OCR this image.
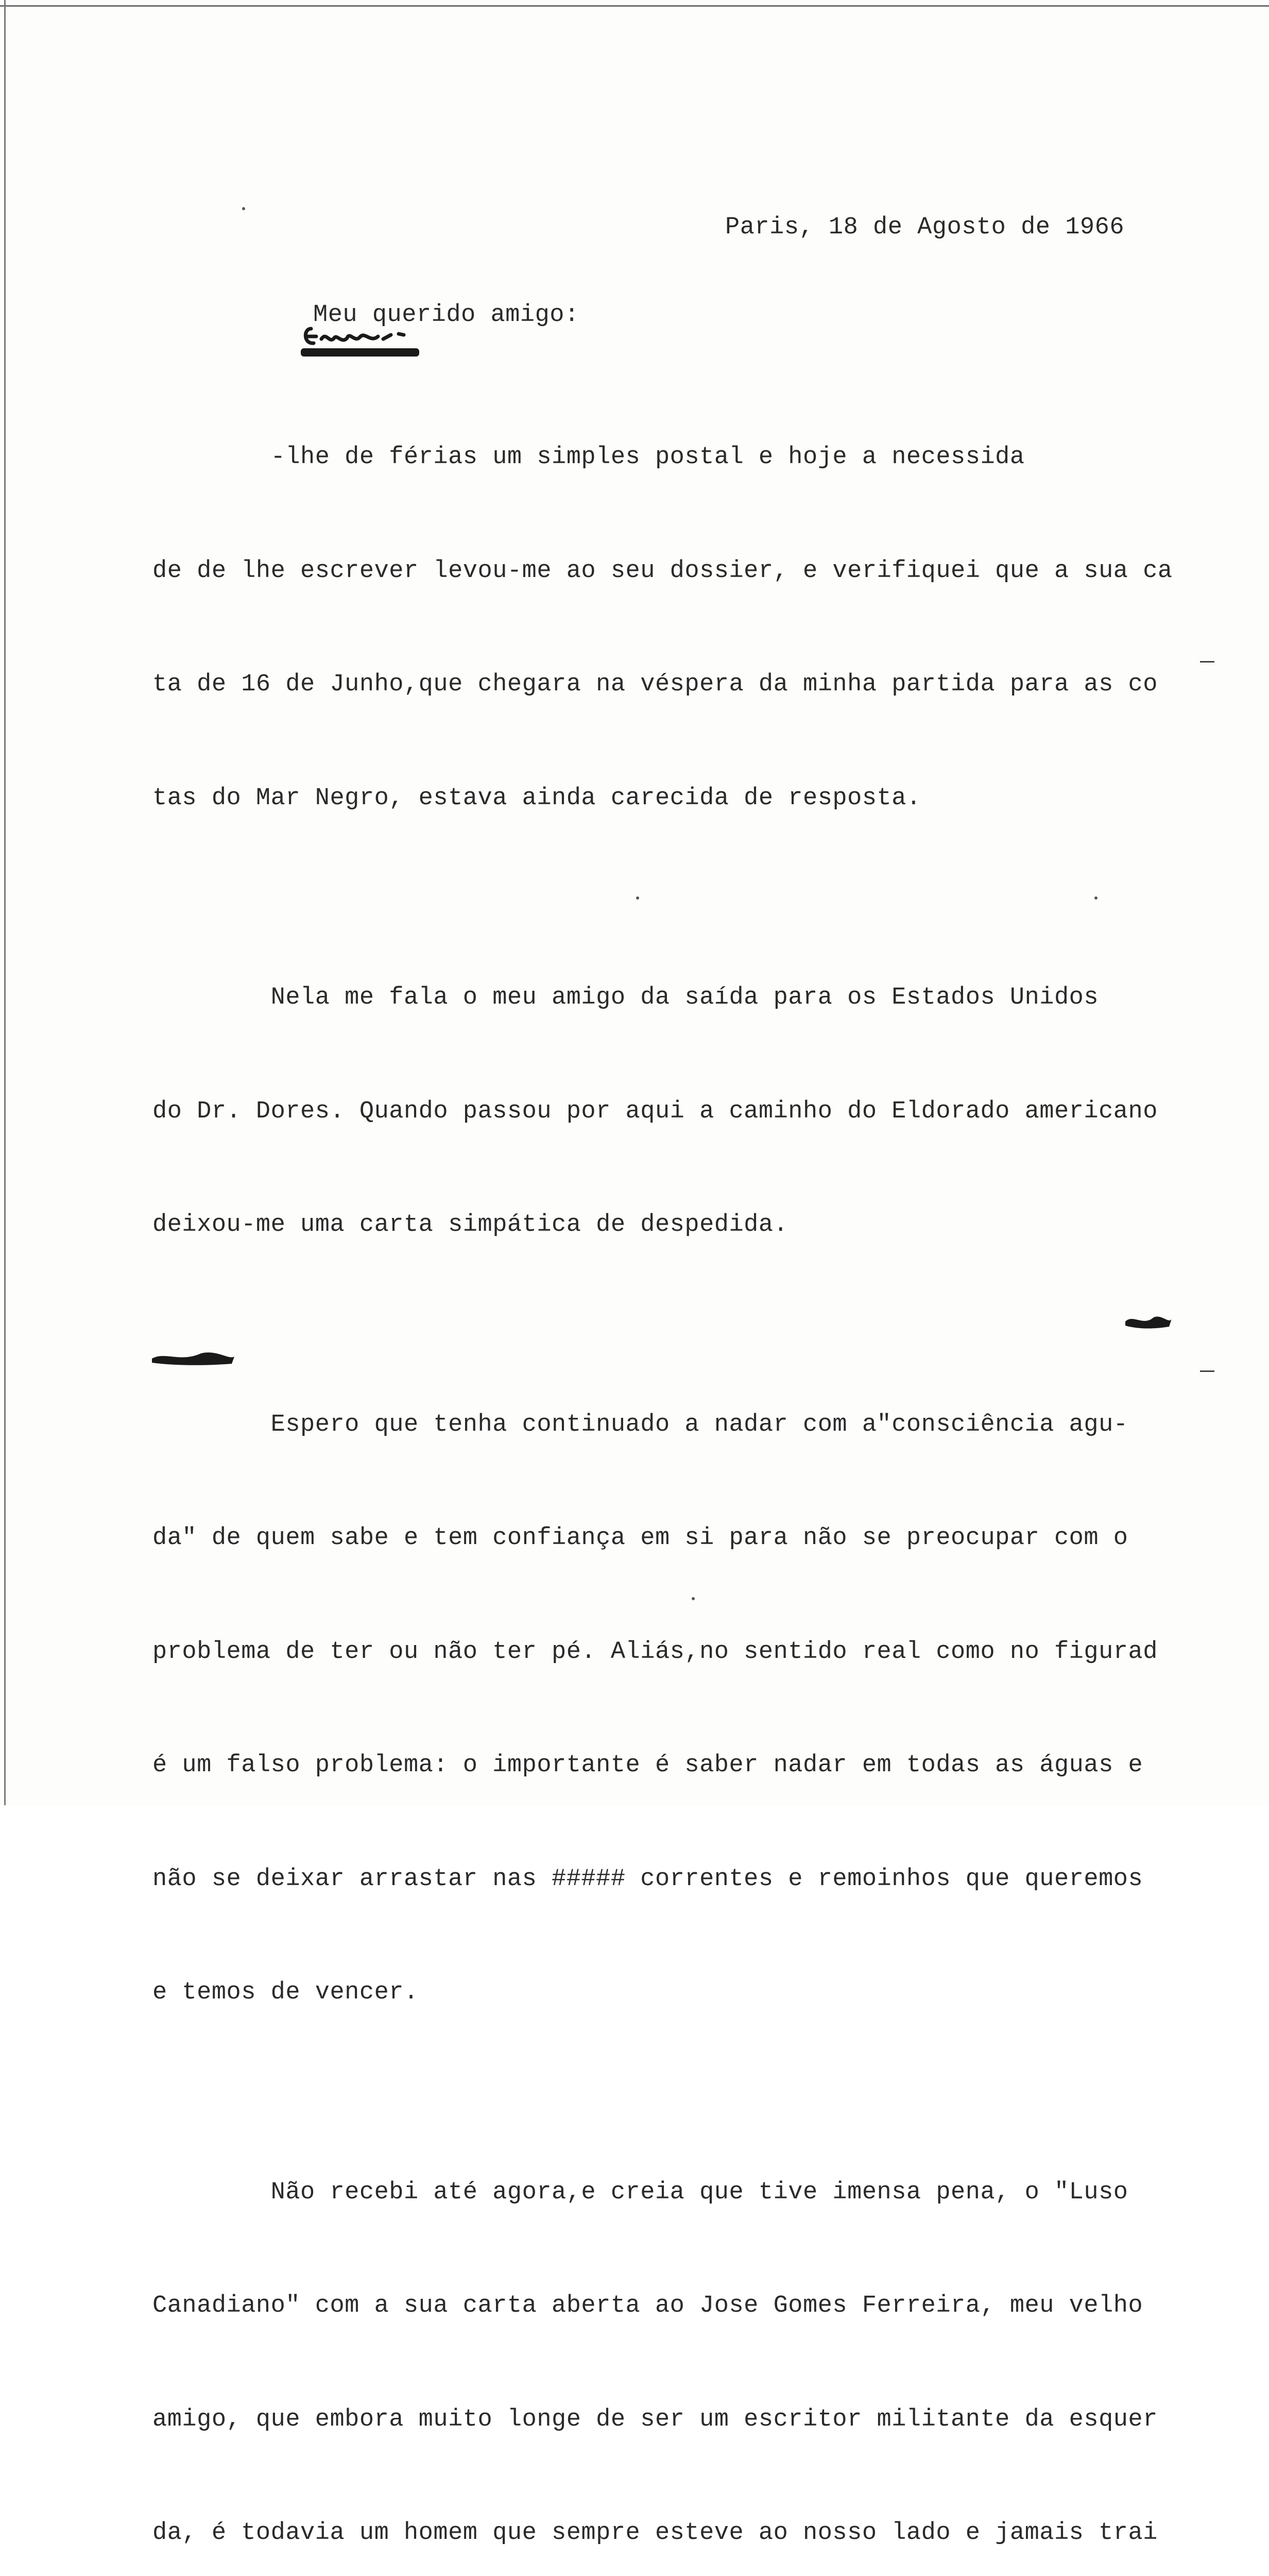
Paris, 18 de Agosto de 1966
Meu querido amigo:

-lhe de férias um simples postal e hoje a necessida

de de lhe escrever levou-me ao seu dossier, e verifiquei que a sua ca

ta de 16 de Junho,que chegara na véspera da minha partida para as co

tas do Mar Negro, estava ainda carecida de resposta.

Nela me fala o meu amigo da saída para os Estados Unidos

do Dr. Dores. Quando passou por aqui a caminho do Eldorado americano

deixou-me uma carta simpática de despedida.

Espero que tenha continuado a nadar com a"consciência agu-

da" de quem sabe e tem confiança em si para não se preocupar com o

problema de ter ou não ter pé. Aliás,no sentido real como no figurad

é um falso problema: o importante é saber nadar em todas as águas e

não se deixar arrastar nas ##### correntes e remoinhos que queremos

e temos de vencer.

Não recebi até agora,e creia que tive imensa pena, o "Luso

Canadiano" com a sua carta aberta ao Jose Gomes Ferreira, meu velho

amigo, que embora muito longe de ser um escritor militante da esquer

da, é todavia um homem que sempre esteve ao nosso lado e jamais trai
